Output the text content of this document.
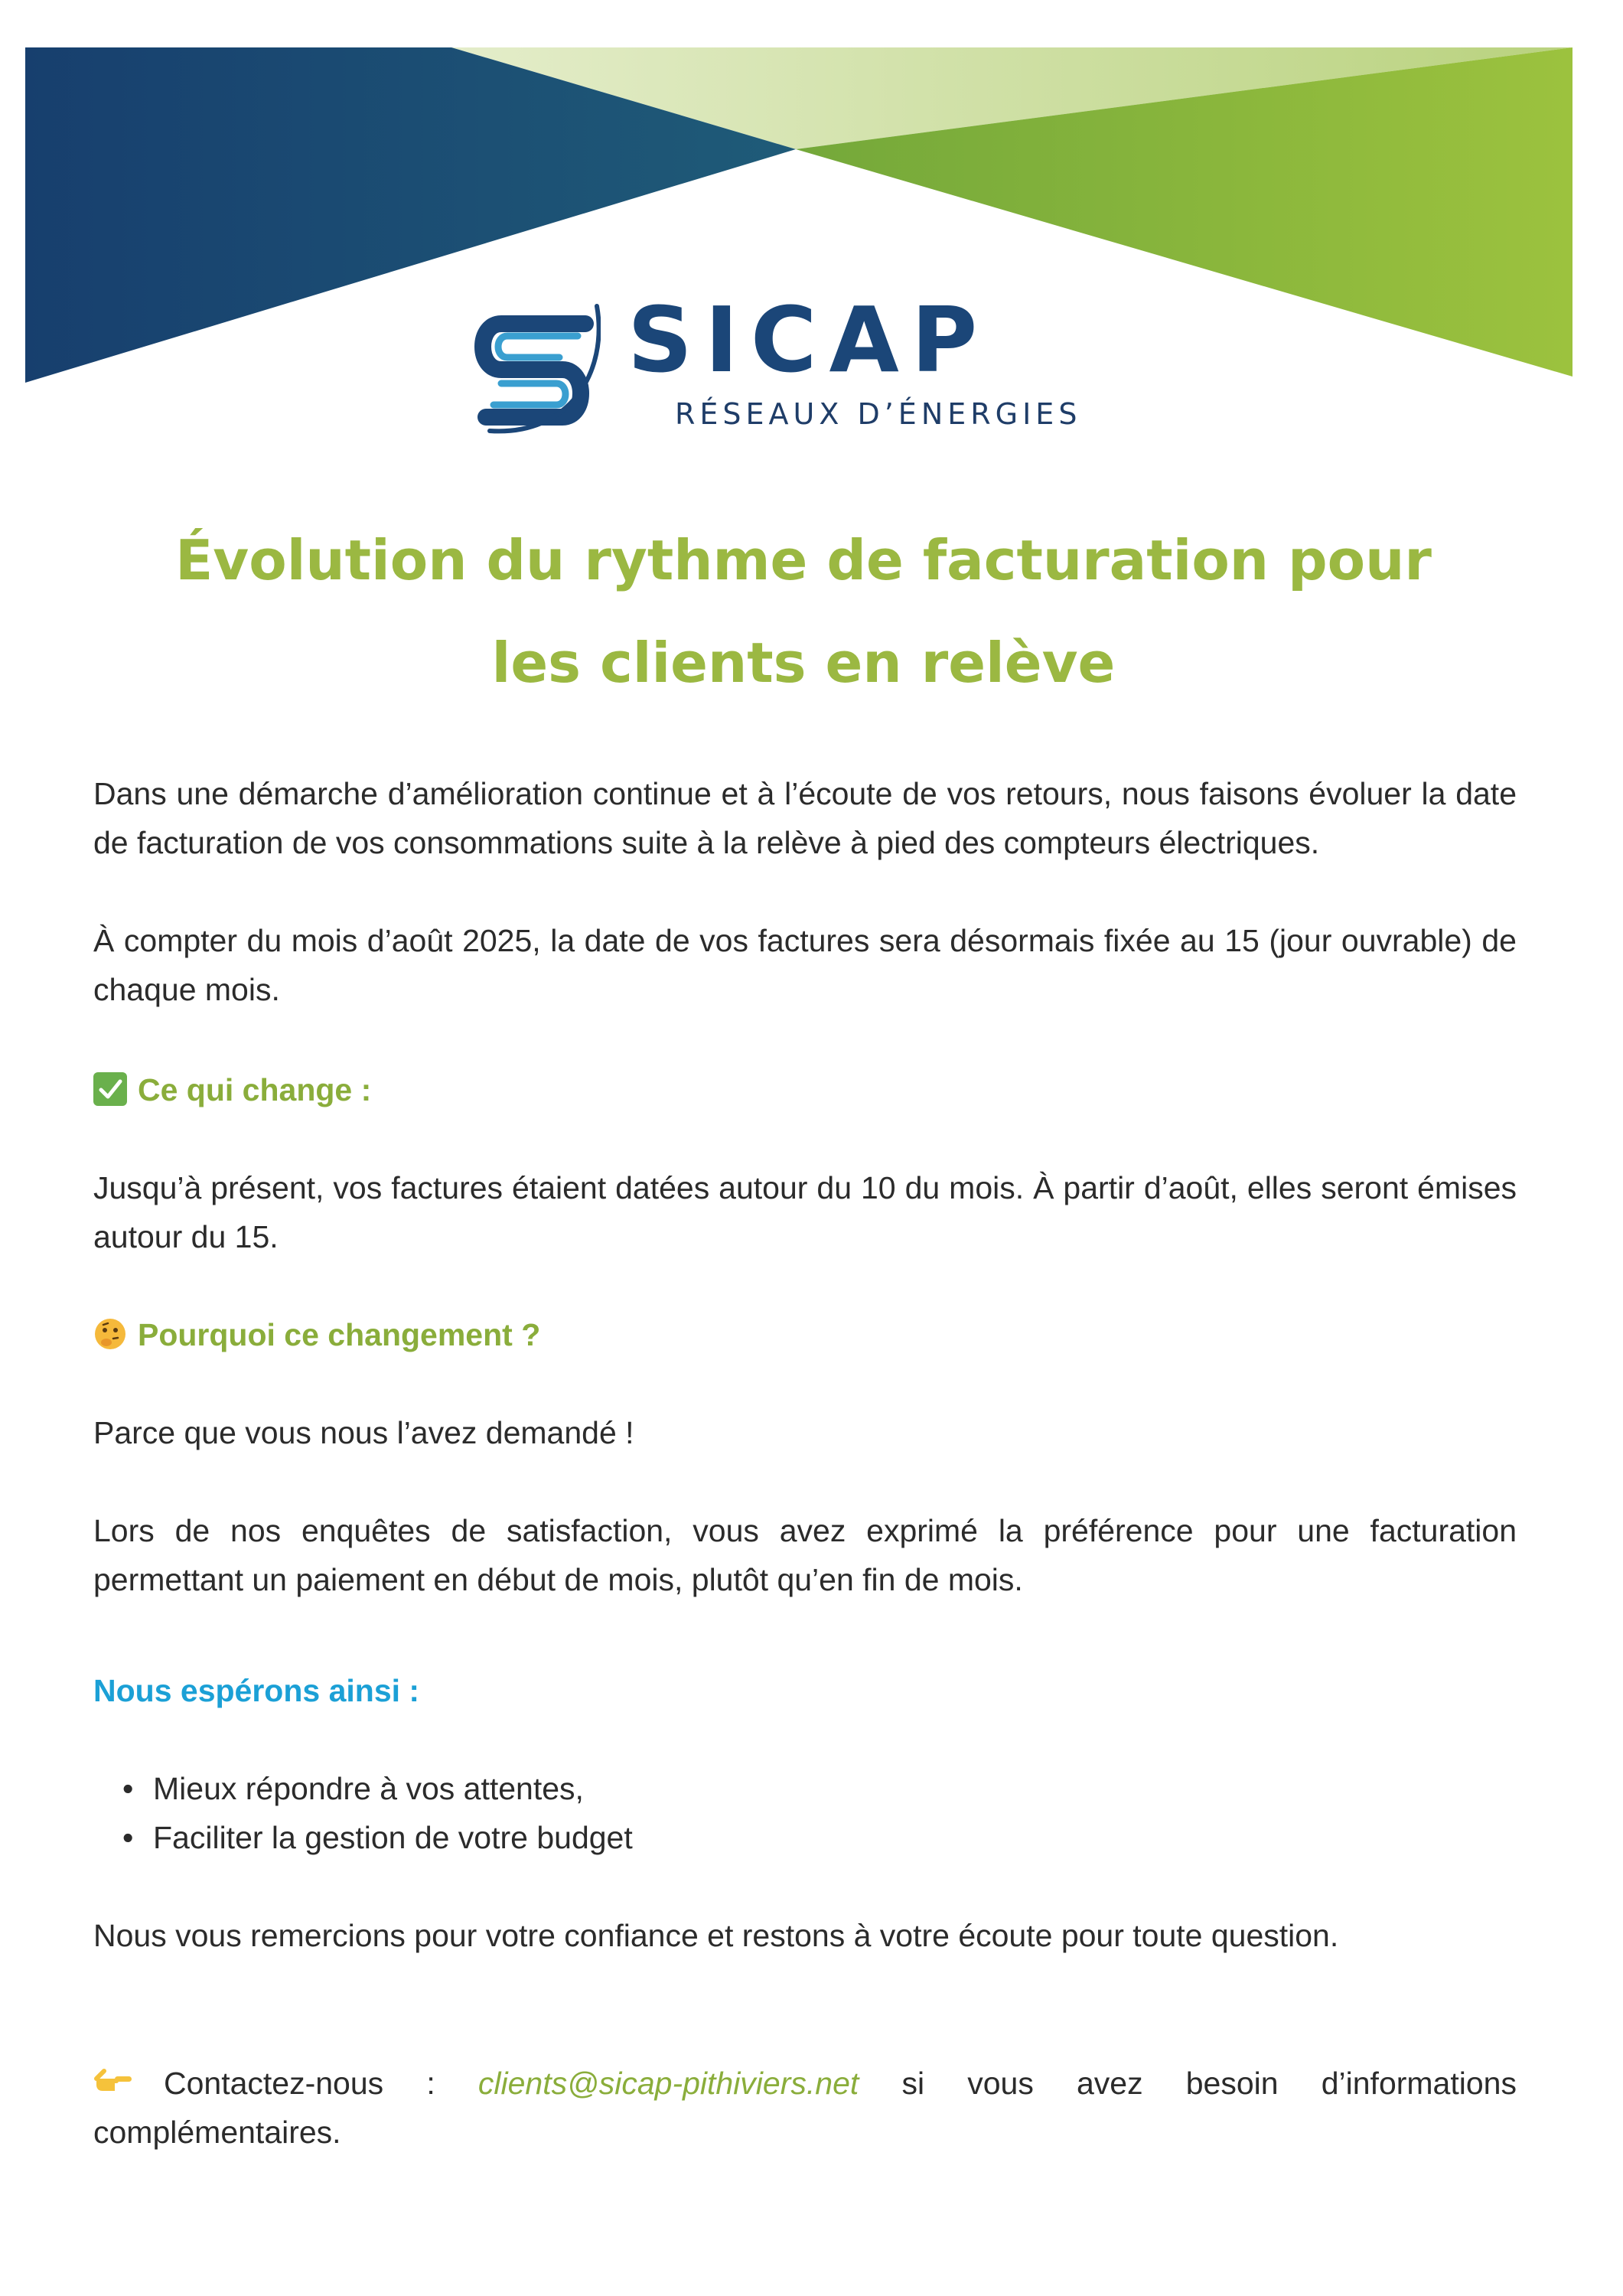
SICAP
RÉSEAUX D’ÉNERGIES
Évolution du rythme de facturation pour
les clients en relève

Dans une démarche d’amélioration continue et à l’écoute de vos retours, nous faisons évoluer la date de facturation de vos consommations suite à la relève à pied des compteurs électriques.

À compter du mois d’août 2025, la date de vos factures sera désormais fixée au 15 (jour ouvrable) de chaque mois.

Ce qui change :

Jusqu’à présent, vos factures étaient datées autour du 10 du mois. À partir d’août, elles seront émises autour du 15.

Pourquoi ce changement ?

Parce que vous nous l’avez demandé !

Lors de nos enquêtes de satisfaction, vous avez exprimé la préférence pour une facturation permettant un paiement en début de mois, plutôt qu’en fin de mois.

Nous espérons ainsi :
• Mieux répondre à vos attentes,
• Faciliter la gestion de votre budget

Nous vous remercions pour votre confiance et restons à votre écoute pour toute question.

Contactez-nous : clients@sicap-pithiviers.net si vous avez besoin d’informations

complémentaires.
